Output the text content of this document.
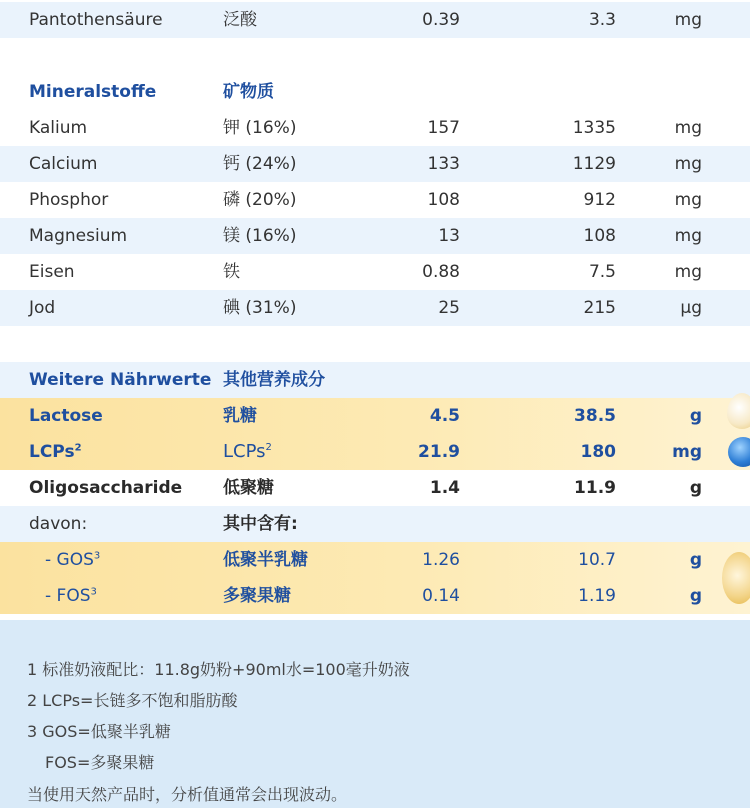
Pantothensäure	泛酸	0.39	3.3	mg
Mineralstoffe	矿物质
Kalium	钾 (16%)	157	1335	mg
Calcium	钙 (24%)	133	1129	mg
Phosphor	磷 (20%)	108	912	mg
Magnesium	镁 (16%)	13	108	mg
Eisen	铁	0.88	7.5	mg
Jod	碘 (31%)	25	215	µg
Weitere Nährwerte 其他营养成分
Lactose	乳糖	4.5	38.5	g
LCPs$^2$	LCPs$^2$	21.9	180	mg
Oligosaccharide 低聚糖	1.4	11.9	g
davon:	其中含有:
- GOS$^3$	低聚半乳糖	1.26	10.7	g
- FOS$^3$	多聚果糖	0.14	1.19	g
1 标准奶液配比：11.8g奶粉+90ml水=100毫升奶液
2 LCPs=长链多不饱和脂肪酸
3 GOS=低聚半乳糖
FOS=多聚果糖
当使用天然产品时，分析值通常会出现波动。
